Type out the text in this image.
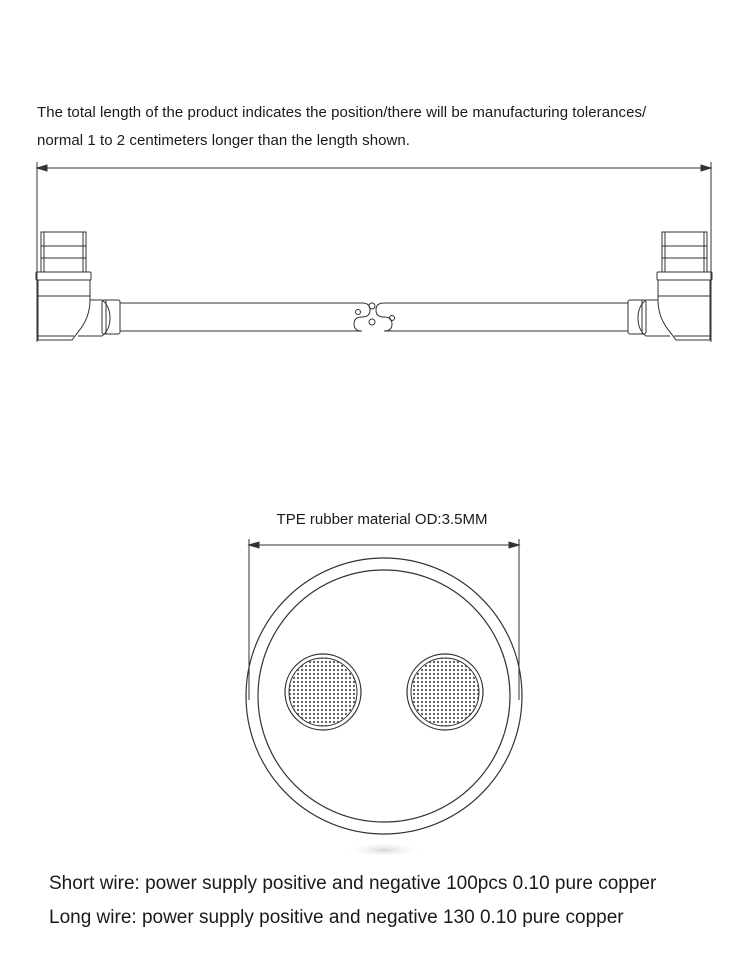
The total length of the product indicates the position/there will be manufacturing tolerances/
normal 1 to 2 centimeters longer than the length shown.
TPE rubber material OD:3.5MM
Short wire: power supply positive and negative 100pcs 0.10 pure copper
Long wire: power supply positive and negative 130 0.10 pure copper
